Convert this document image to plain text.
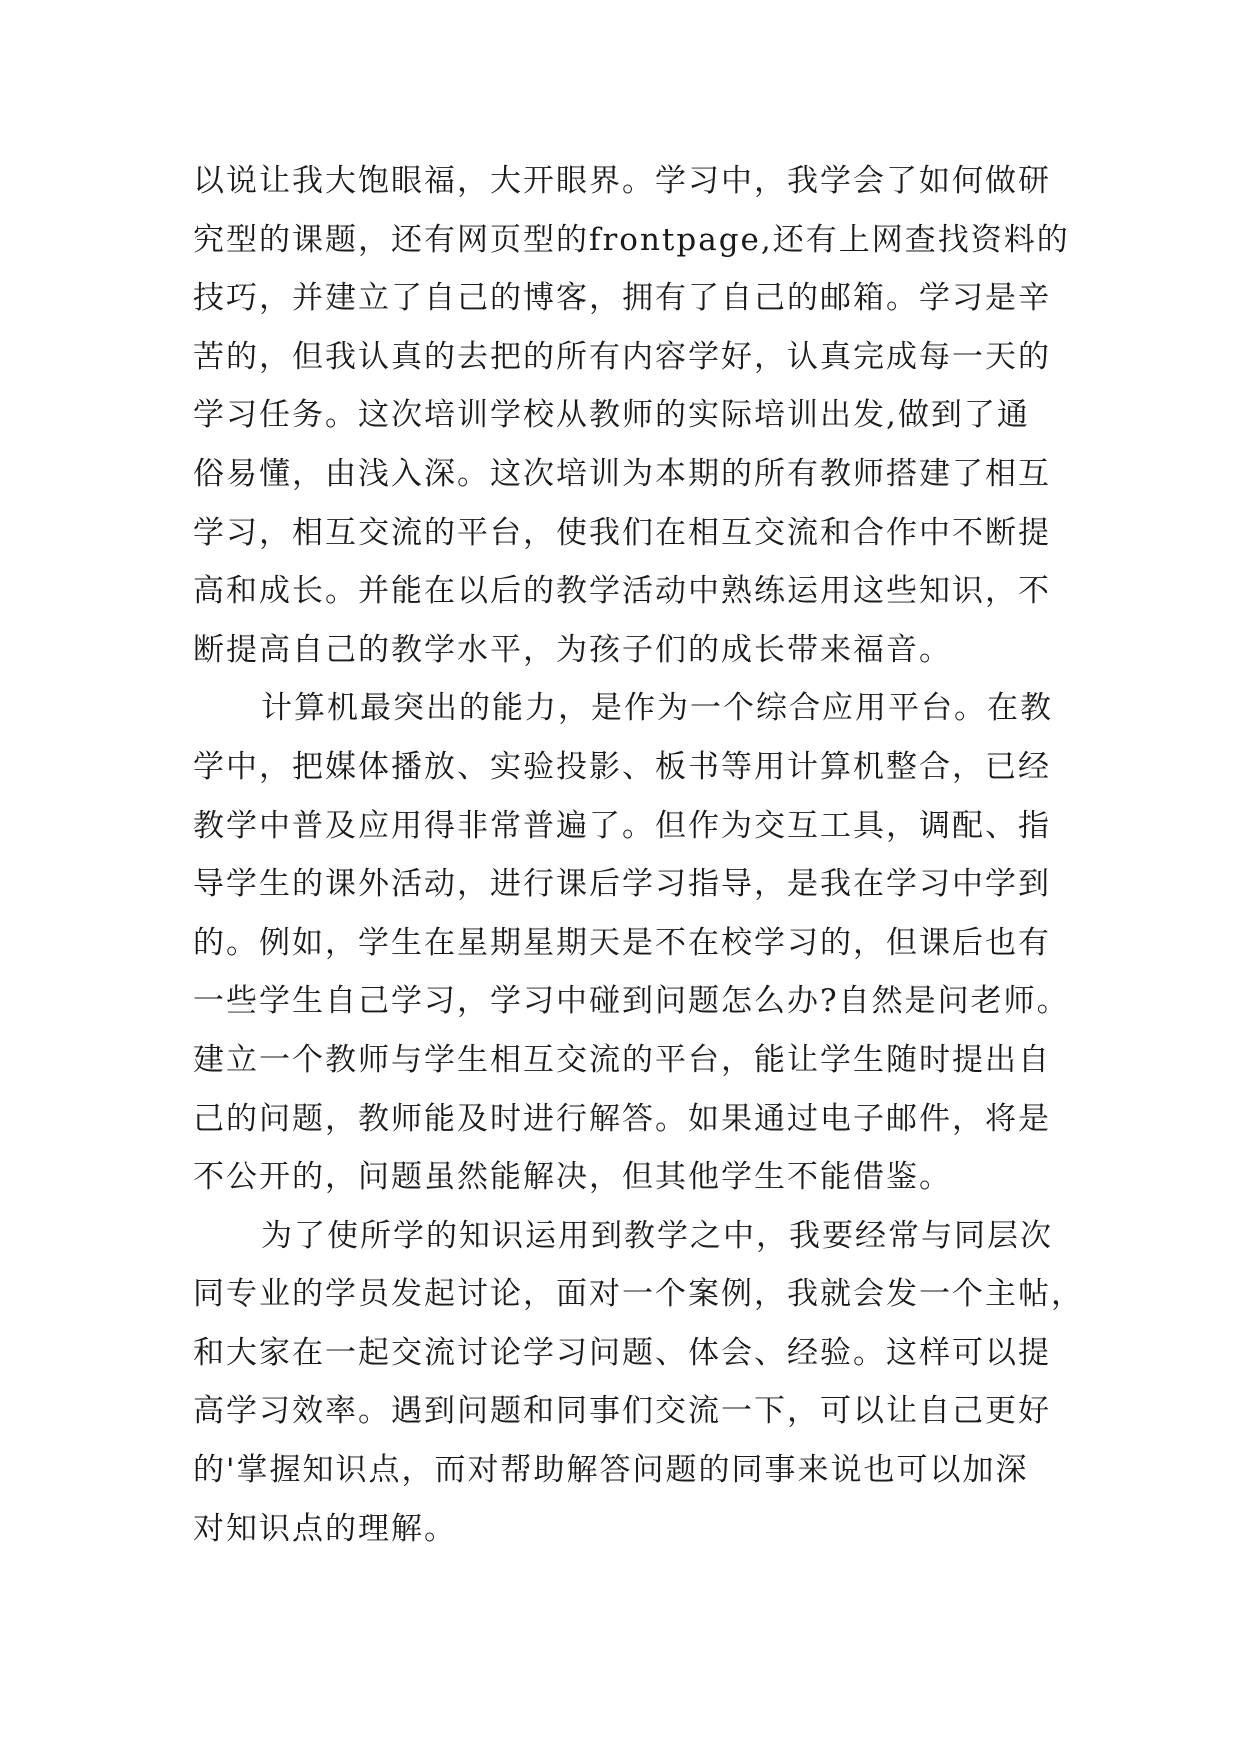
以说让我大饱眼福，大开眼界。学习中，我学会了如何做研
究型的课题，还有网页型的frontpage,还有上网查找资料的
技巧，并建立了自己的博客，拥有了自己的邮箱。学习是辛
苦的，但我认真的去把的所有内容学好，认真完成每一天的
学习任务。这次培训学校从教师的实际培训出发,做到了通
俗易懂，由浅入深。这次培训为本期的所有教师搭建了相互
学习，相互交流的平台，使我们在相互交流和合作中不断提
高和成长。并能在以后的教学活动中熟练运用这些知识，不
断提高自己的教学水平，为孩子们的成长带来福音。
计算机最突出的能力，是作为一个综合应用平台。在教
学中，把媒体播放、实验投影、板书等用计算机整合，已经
教学中普及应用得非常普遍了。但作为交互工具，调配、指
导学生的课外活动，进行课后学习指导，是我在学习中学到
的。例如，学生在星期星期天是不在校学习的，但课后也有
一些学生自己学习，学习中碰到问题怎么办?自然是问老师。
建立一个教师与学生相互交流的平台，能让学生随时提出自
己的问题，教师能及时进行解答。如果通过电子邮件，将是
不公开的，问题虽然能解决，但其他学生不能借鉴。
为了使所学的知识运用到教学之中，我要经常与同层次
同专业的学员发起讨论，面对一个案例，我就会发一个主帖，
和大家在一起交流讨论学习问题、体会、经验。这样可以提
高学习效率。遇到问题和同事们交流一下，可以让自己更好
的'掌握知识点，而对帮助解答问题的同事来说也可以加深
对知识点的理解。
